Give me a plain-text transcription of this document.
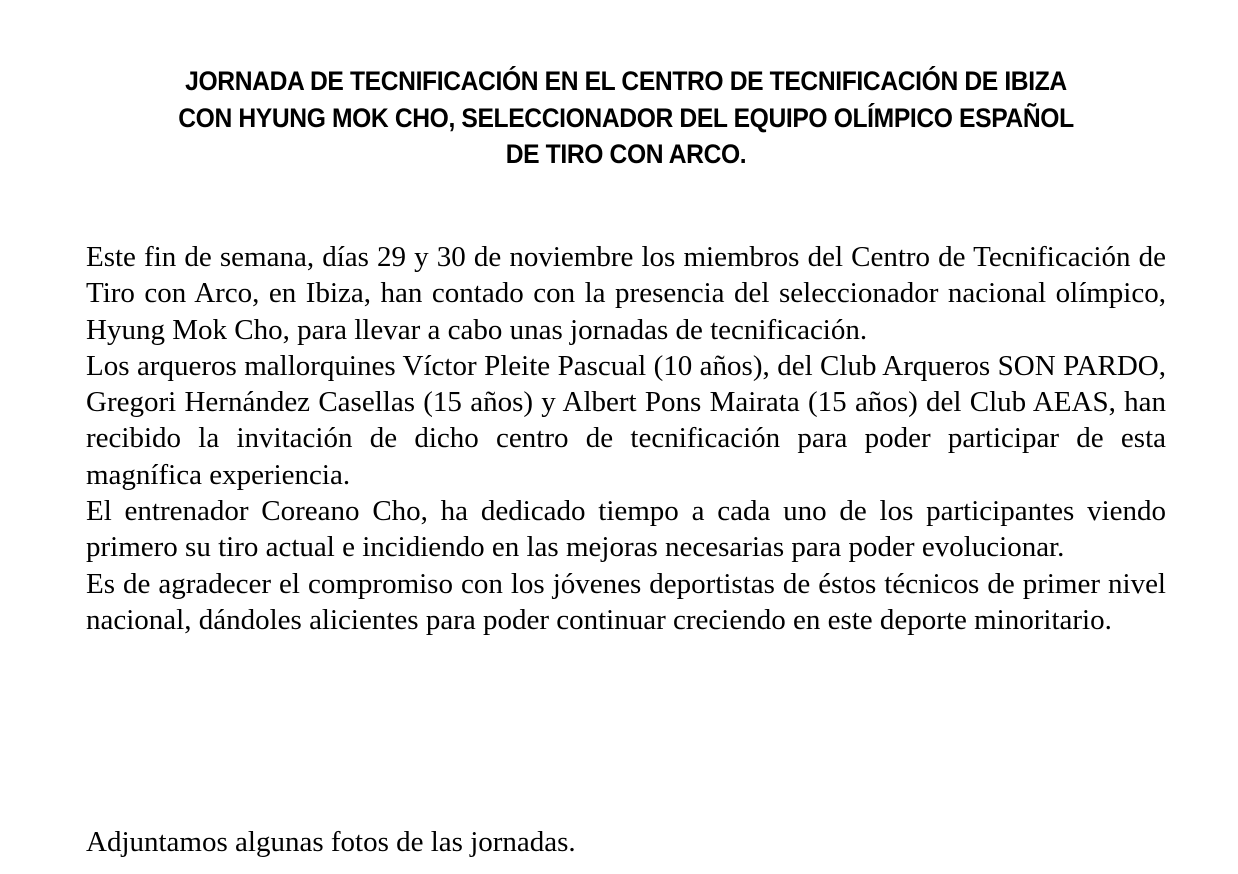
JORNADA DE TECNIFICACIÓN EN EL CENTRO DE TECNIFICACIÓN DE IBIZA
CON HYUNG MOK CHO, SELECCIONADOR DEL EQUIPO OLÍMPICO ESPAÑOL
DE TIRO CON ARCO.

Este fin de semana, días 29 y 30 de noviembre los miembros del Centro de Tecnificación de Tiro con Arco, en Ibiza, han contado con la presencia del seleccionador nacional olímpico, Hyung Mok Cho, para llevar a cabo unas jornadas de tecnificación.

Los arqueros mallorquines Víctor Pleite Pascual (10 años), del Club Arqueros SON PARDO, Gregori Hernández Casellas (15 años) y Albert Pons Mairata (15 años) del Club AEAS, han recibido la invitación de dicho centro de tecnificación para poder participar de esta magnífica experiencia.

El entrenador Coreano Cho, ha dedicado tiempo a cada uno de los participantes viendo primero su tiro actual e incidiendo en las mejoras necesarias para poder evolucionar.

Es de agradecer el compromiso con los jóvenes deportistas de éstos técnicos de primer nivel nacional, dándoles alicientes para poder continuar creciendo en este deporte minoritario.

Adjuntamos algunas fotos de las jornadas.
